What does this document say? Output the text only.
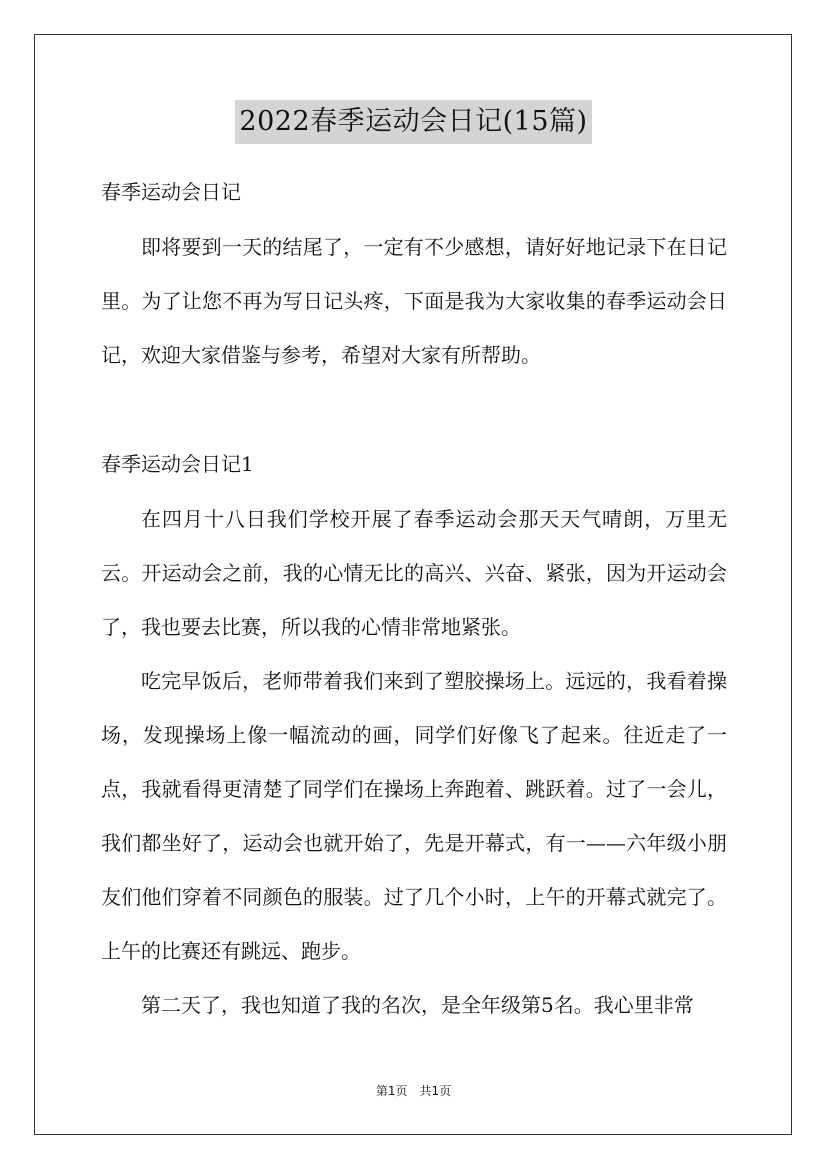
2022春季运动会日记(15篇)
春季运动会日记
即将要到一天的结尾了，一定有不少感想，请好好地记录下在日记里。为了让您不再为写日记头疼，下面是我为大家收集的春季运动会日记，欢迎大家借鉴与参考，希望对大家有所帮助。
春季运动会日记1
在四月十八日我们学校开展了春季运动会那天天气晴朗，万里无云。开运动会之前，我的心情无比的高兴、兴奋、紧张，因为开运动会了，我也要去比赛，所以我的心情非常地紧张。
吃完早饭后，老师带着我们来到了塑胶操场上。远远的，我看着操场，发现操场上像一幅流动的画，同学们好像飞了起来。往近走了一点，我就看得更清楚了同学们在操场上奔跑着、跳跃着。过了一会儿，我们都坐好了，运动会也就开始了，先是开幕式，有一——六年级小朋友们他们穿着不同颜色的服装。过了几个小时，上午的开幕式就完了。上午的比赛还有跳远、跑步。
第二天了，我也知道了我的名次，是全年级第5名。我心里非常
第1页 共1页
